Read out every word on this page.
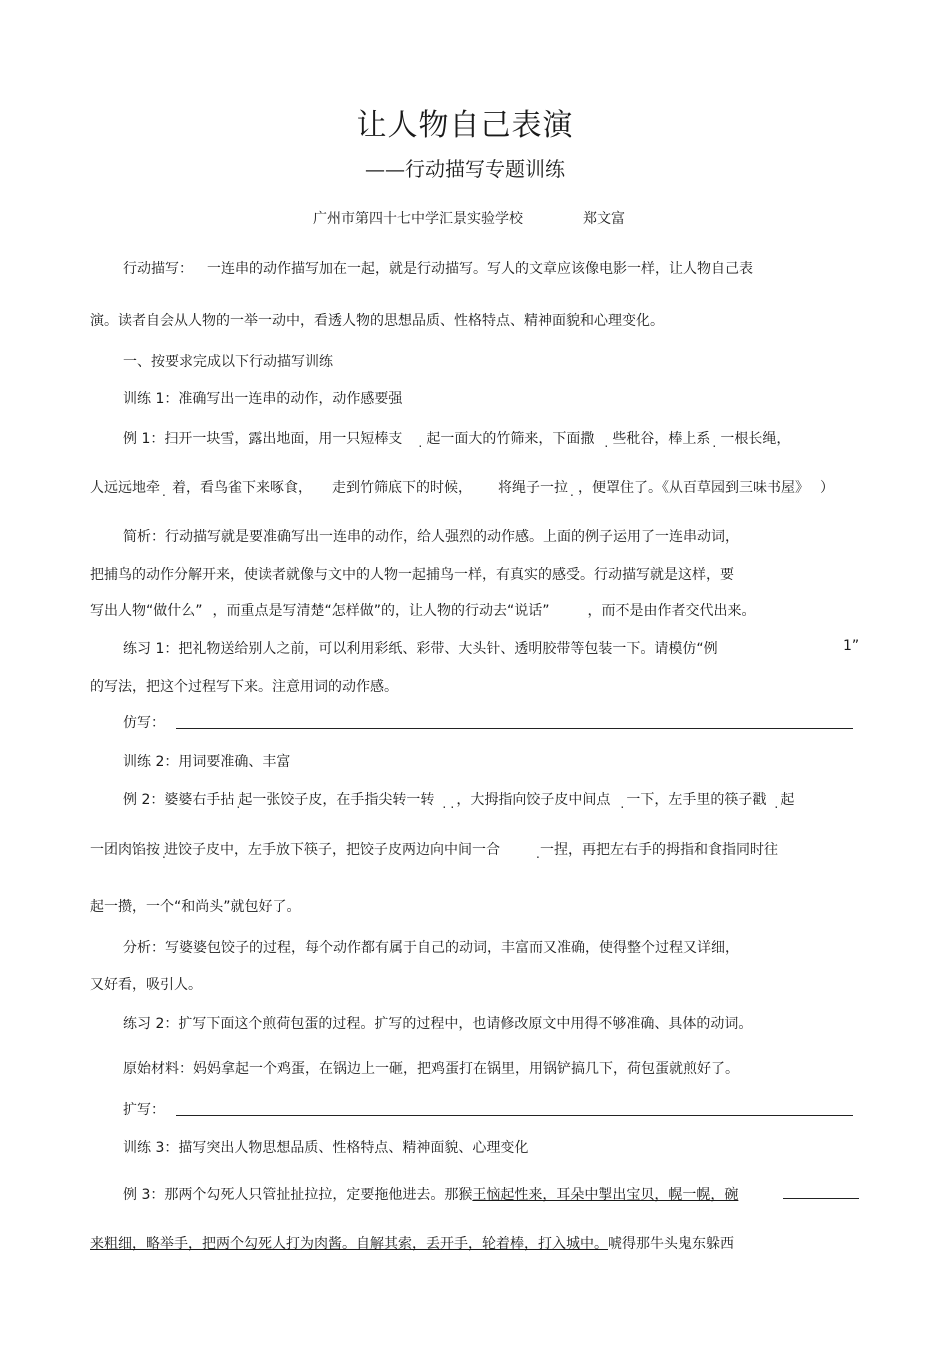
让人物自己表演
——行动描写专题训练
广州市第四十七中学汇景实验学校	郑文富
行动描写： 一连串的动作描写加在一起，就是行动描写。写人的文章应该像电影一样，让人物自己表
演。读者自会从人物的一举一动中，看透人物的思想品质、性格特点、精神面貌和心理变化。
一、按要求完成以下行动描写训练
训练 1：准确写出一连串的动作，动作感要强
例 1：扫开一块雪，露出地面，用一只短棒支 起一面大的竹筛来，下面撒 些秕谷，棒上系 一根长绳，
人远远地牵 着，看鸟雀下来啄食， 走到竹筛底下的时候， 将绳子一拉 ，便罩住了。《从百草园到三味书屋》 ）
简析：行动描写就是要准确写出一连串的动作，给人强烈的动作感。上面的例子运用了一连串动词，
把捕鸟的动作分解开来，使读者就像与文中的人物一起捕鸟一样，有真实的感受。行动描写就是这样，要
写出人物“做什么” ，而重点是写清楚“怎样做”的，让人物的行动去“说话”	，而不是由作者交代出来。
练习 1：把礼物送给别人之前，可以利用彩纸、彩带、大头针、透明胶带等包装一下。请模仿“例	1”
的写法，把这个过程写下来。注意用词的动作感。
仿写：
训练 2：用词要准确、丰富
例 2：婆婆右手拈 起一张饺子皮，在手指尖转一转 ，大拇指向饺子皮中间点 一下，左手里的筷子戳 起
一团肉馅按 进饺子皮中，左手放下筷子，把饺子皮两边向中间一合	一捏，再把左右手的拇指和食指同时往
起一攒，一个“和尚头”就包好了。
分析：写婆婆包饺子的过程，每个动作都有属于自己的动词，丰富而又准确，使得整个过程又详细，
又好看，吸引人。
练习 2：扩写下面这个煎荷包蛋的过程。扩写的过程中，也请修改原文中用得不够准确、具体的动词。
原始材料：妈妈拿起一个鸡蛋，在锅边上一砸，把鸡蛋打在锅里，用锅铲搞几下，荷包蛋就煎好了。
扩写：
训练 3：描写突出人物思想品质、性格特点、精神面貌、心理变化
例 3：那两个勾死人只管扯扯拉拉，定要拖他进去。那猴王恼起性来，耳朵中掣出宝贝，幌一幌，碗
来粗细，略举手，把两个勾死人打为肉酱。自解其索，丢开手，轮着棒，打入城中。唬得那牛头鬼东躲西
